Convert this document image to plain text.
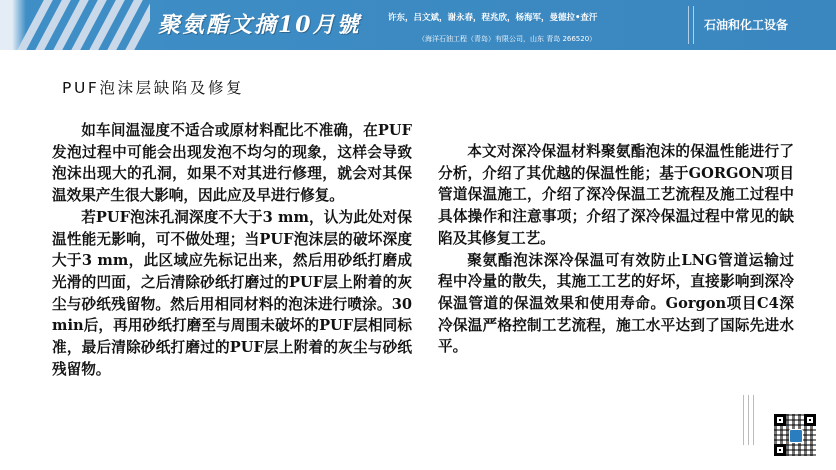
聚氨酯文摘10月號	许东，吕文斌，谢永春，程兆欣，杨海军，曼德拉•查汗
（海洋石油工程（青岛）有限公司，山东 青岛 266520）
石油和化工设备
PUF泡沫层缺陷及修复

如车间温湿度不适合或原材料配比不准确，在PUF发泡过程中可能会出现发泡不均匀的现象，这样会导致泡沫出现大的孔洞，如果不对其进行修理，就会对其保温效果产生很大影响，因此应及早进行修复。

若PUF泡沫孔洞深度不大于3 mm，认为此处对保温性能无影响，可不做处理；当PUF泡沫层的破坏深度大于3 mm，此区域应先标记出来，然后用砂纸打磨成光滑的凹面，之后清除砂纸打磨过的PUF层上附着的灰尘与砂纸残留物。然后用相同材料的泡沫进行喷涂。30 min后，再用砂纸打磨至与周围未破坏的PUF层相同标准，最后清除砂纸打磨过的PUF层上附着的灰尘与砂纸残留物。

本文对深冷保温材料聚氨酯泡沫的保温性能进行了分析，介绍了其优越的保温性能；基于GORGON项目管道保温施工，介绍了深冷保温工艺流程及施工过程中具体操作和注意事项；介绍了深冷保温过程中常见的缺陷及其修复工艺。

聚氨酯泡沫深冷保温可有效防止LNG管道运输过程中冷量的散失，其施工工艺的好坏，直接影响到深冷保温管道的保温效果和使用寿命。Gorgon项目C4深冷保温严格控制工艺流程，施工水平达到了国际先进水平。
